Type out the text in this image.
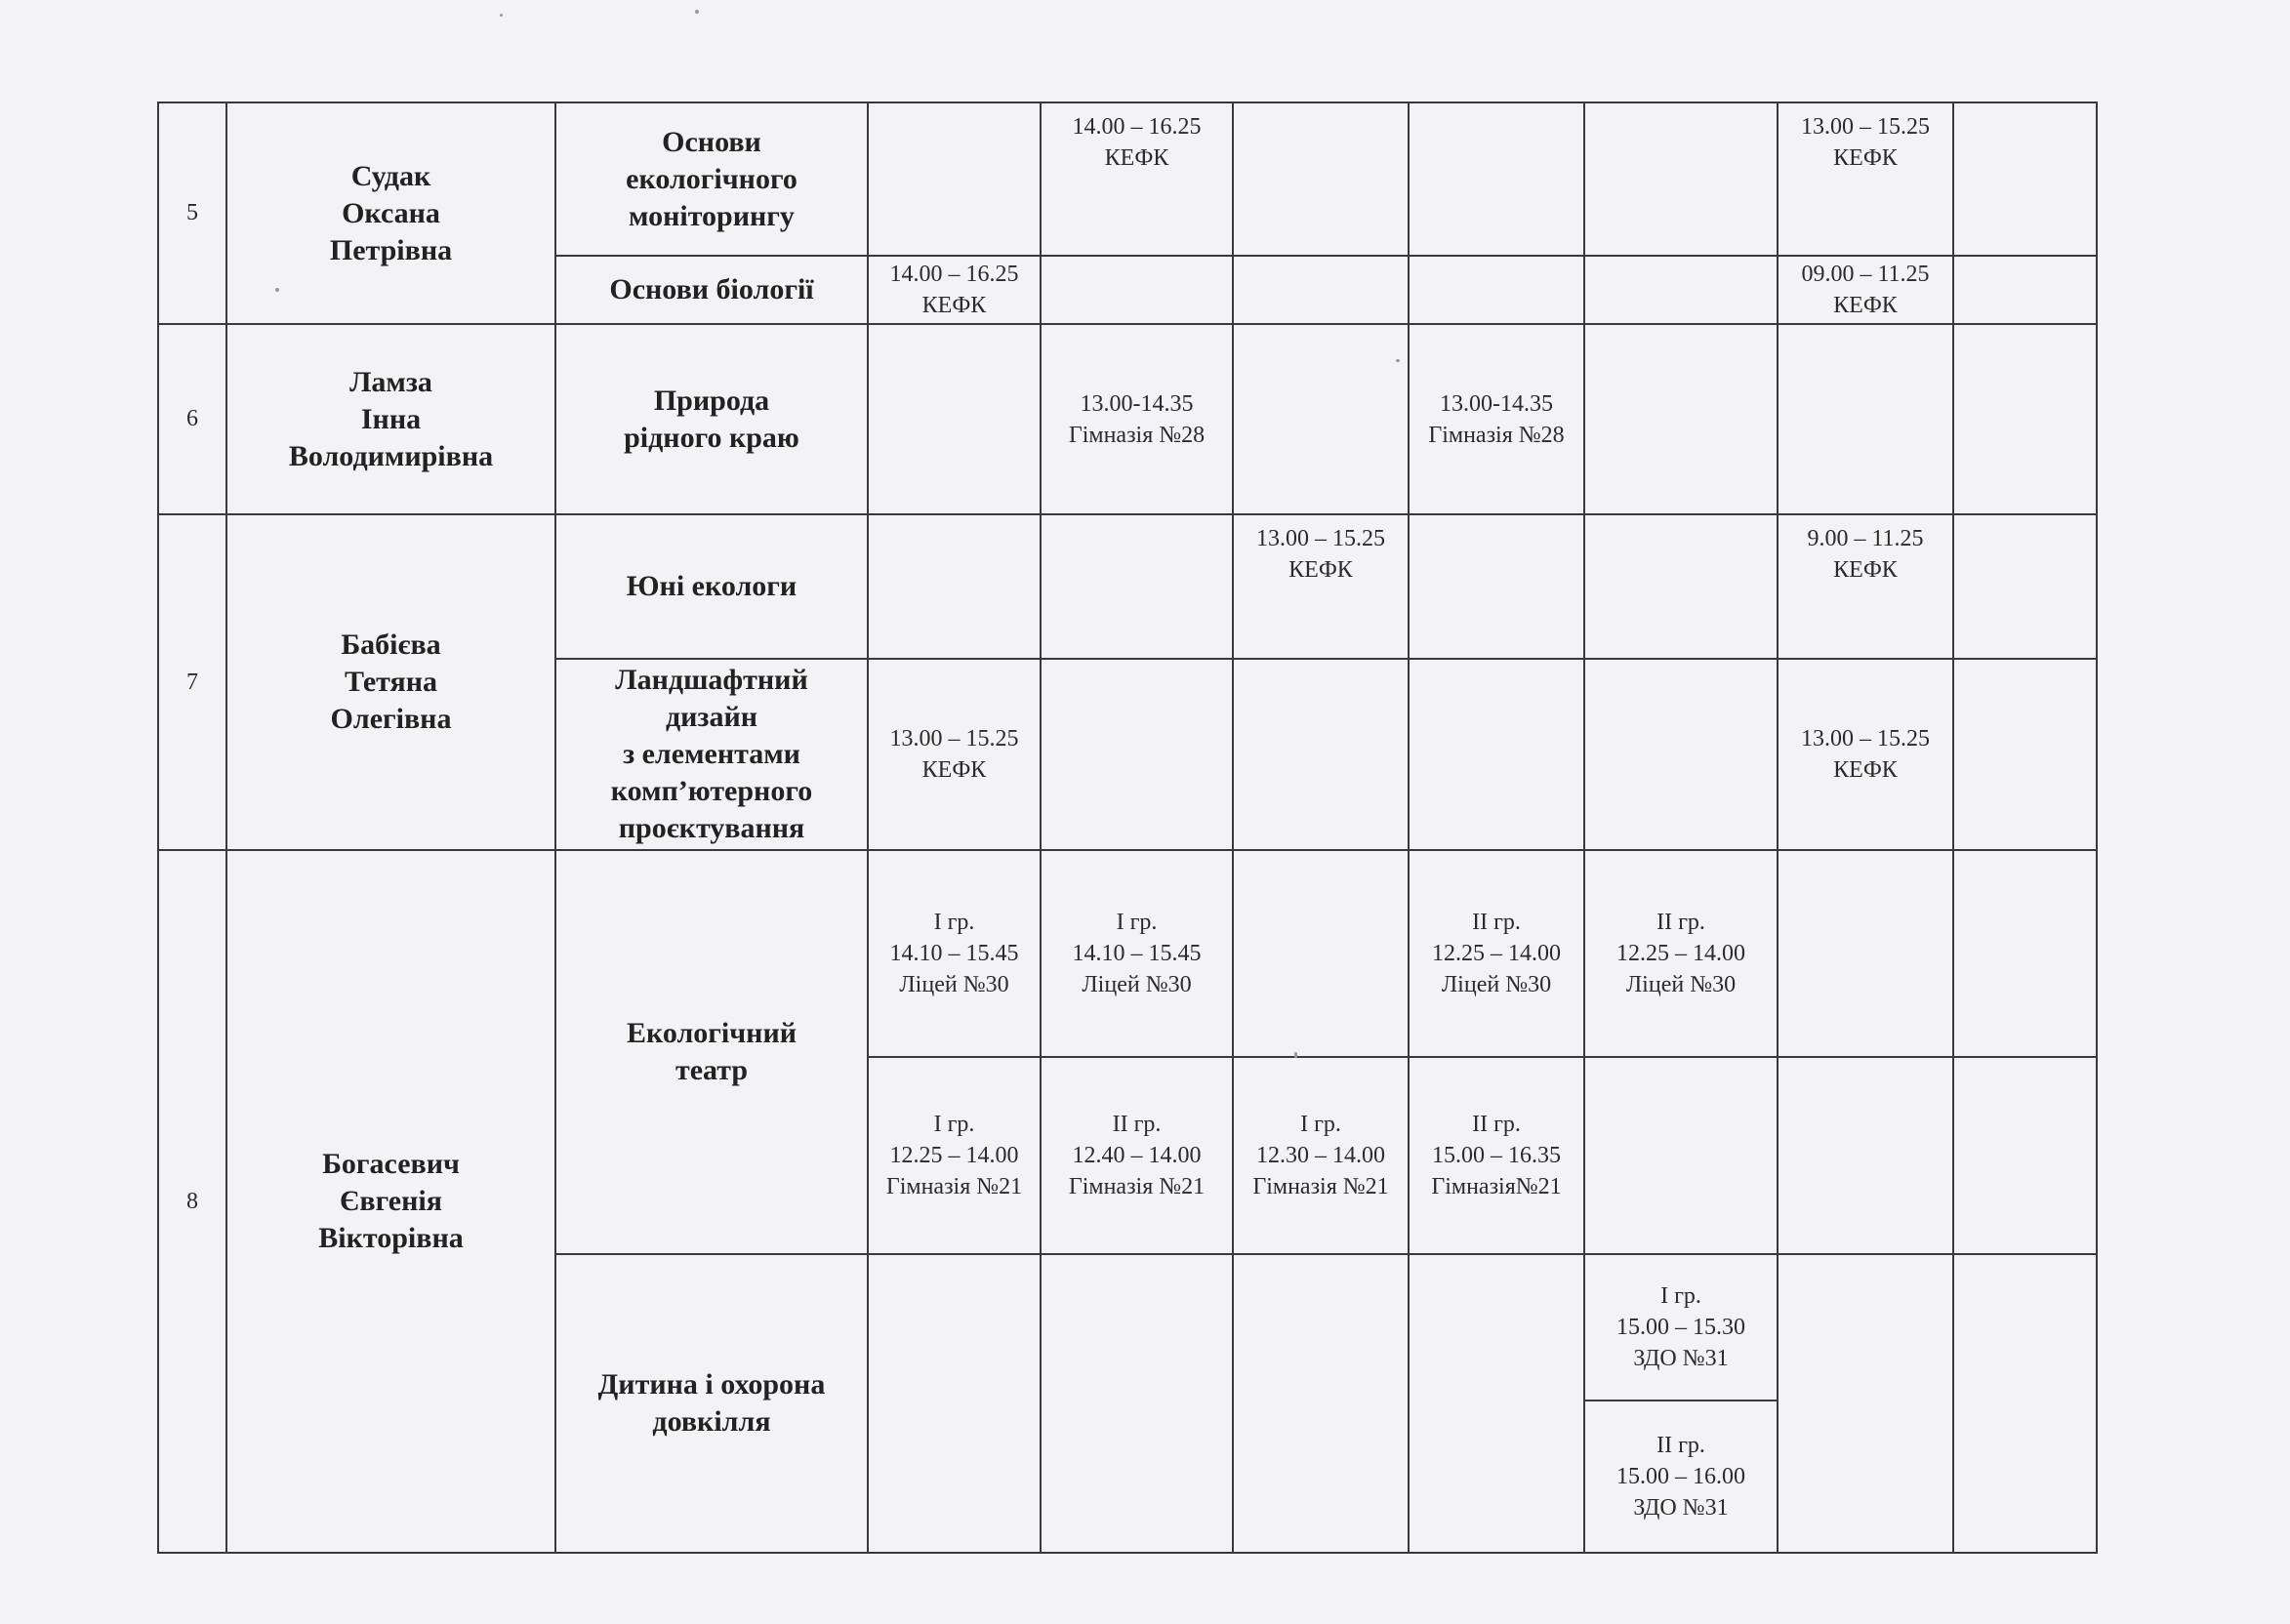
5	Судак
Оксана
Петрівна	Основи
екологічного
моніторингу		14.00 – 16.25
КЕФК				13.00 – 15.25
КЕФК	
		Основи біології	14.00 – 16.25
КЕФК					09.00 – 11.25
КЕФК	
6	Ламза
Інна
Володимирівна	Природа
рідного краю		13.00-14.35
Гімназія №28		13.00-14.35
Гімназія №28			
7	Бабієва
Тетяна
Олегівна	Юні екологи			13.00 – 15.25
КЕФК			9.00 – 11.25
КЕФК	
		Ландшафтний
дизайн
з елементами
комп’ютерного
проєктування	13.00 – 15.25
КЕФК					13.00 – 15.25
КЕФК	
8	Богасевич
Євгенія
Вікторівна	Екологічний
театр	I гр.
14.10 – 15.45
Ліцей №30	I гр.
14.10 – 15.45
Ліцей №30		II гр.
12.25 – 14.00
Ліцей №30	II гр.
12.25 – 14.00
Ліцей №30		
			I гр.
12.25 – 14.00
Гімназія №21	II гр.
12.40 – 14.00
Гімназія №21	I гр.
12.30 – 14.00
Гімназія №21	II гр.
15.00 – 16.35
Гімназія№21			
		Дитина і охорона
довкілля					I гр.
15.00 – 15.30
ЗДО №31		
							II гр.
15.00 – 16.00
ЗДО №31		
